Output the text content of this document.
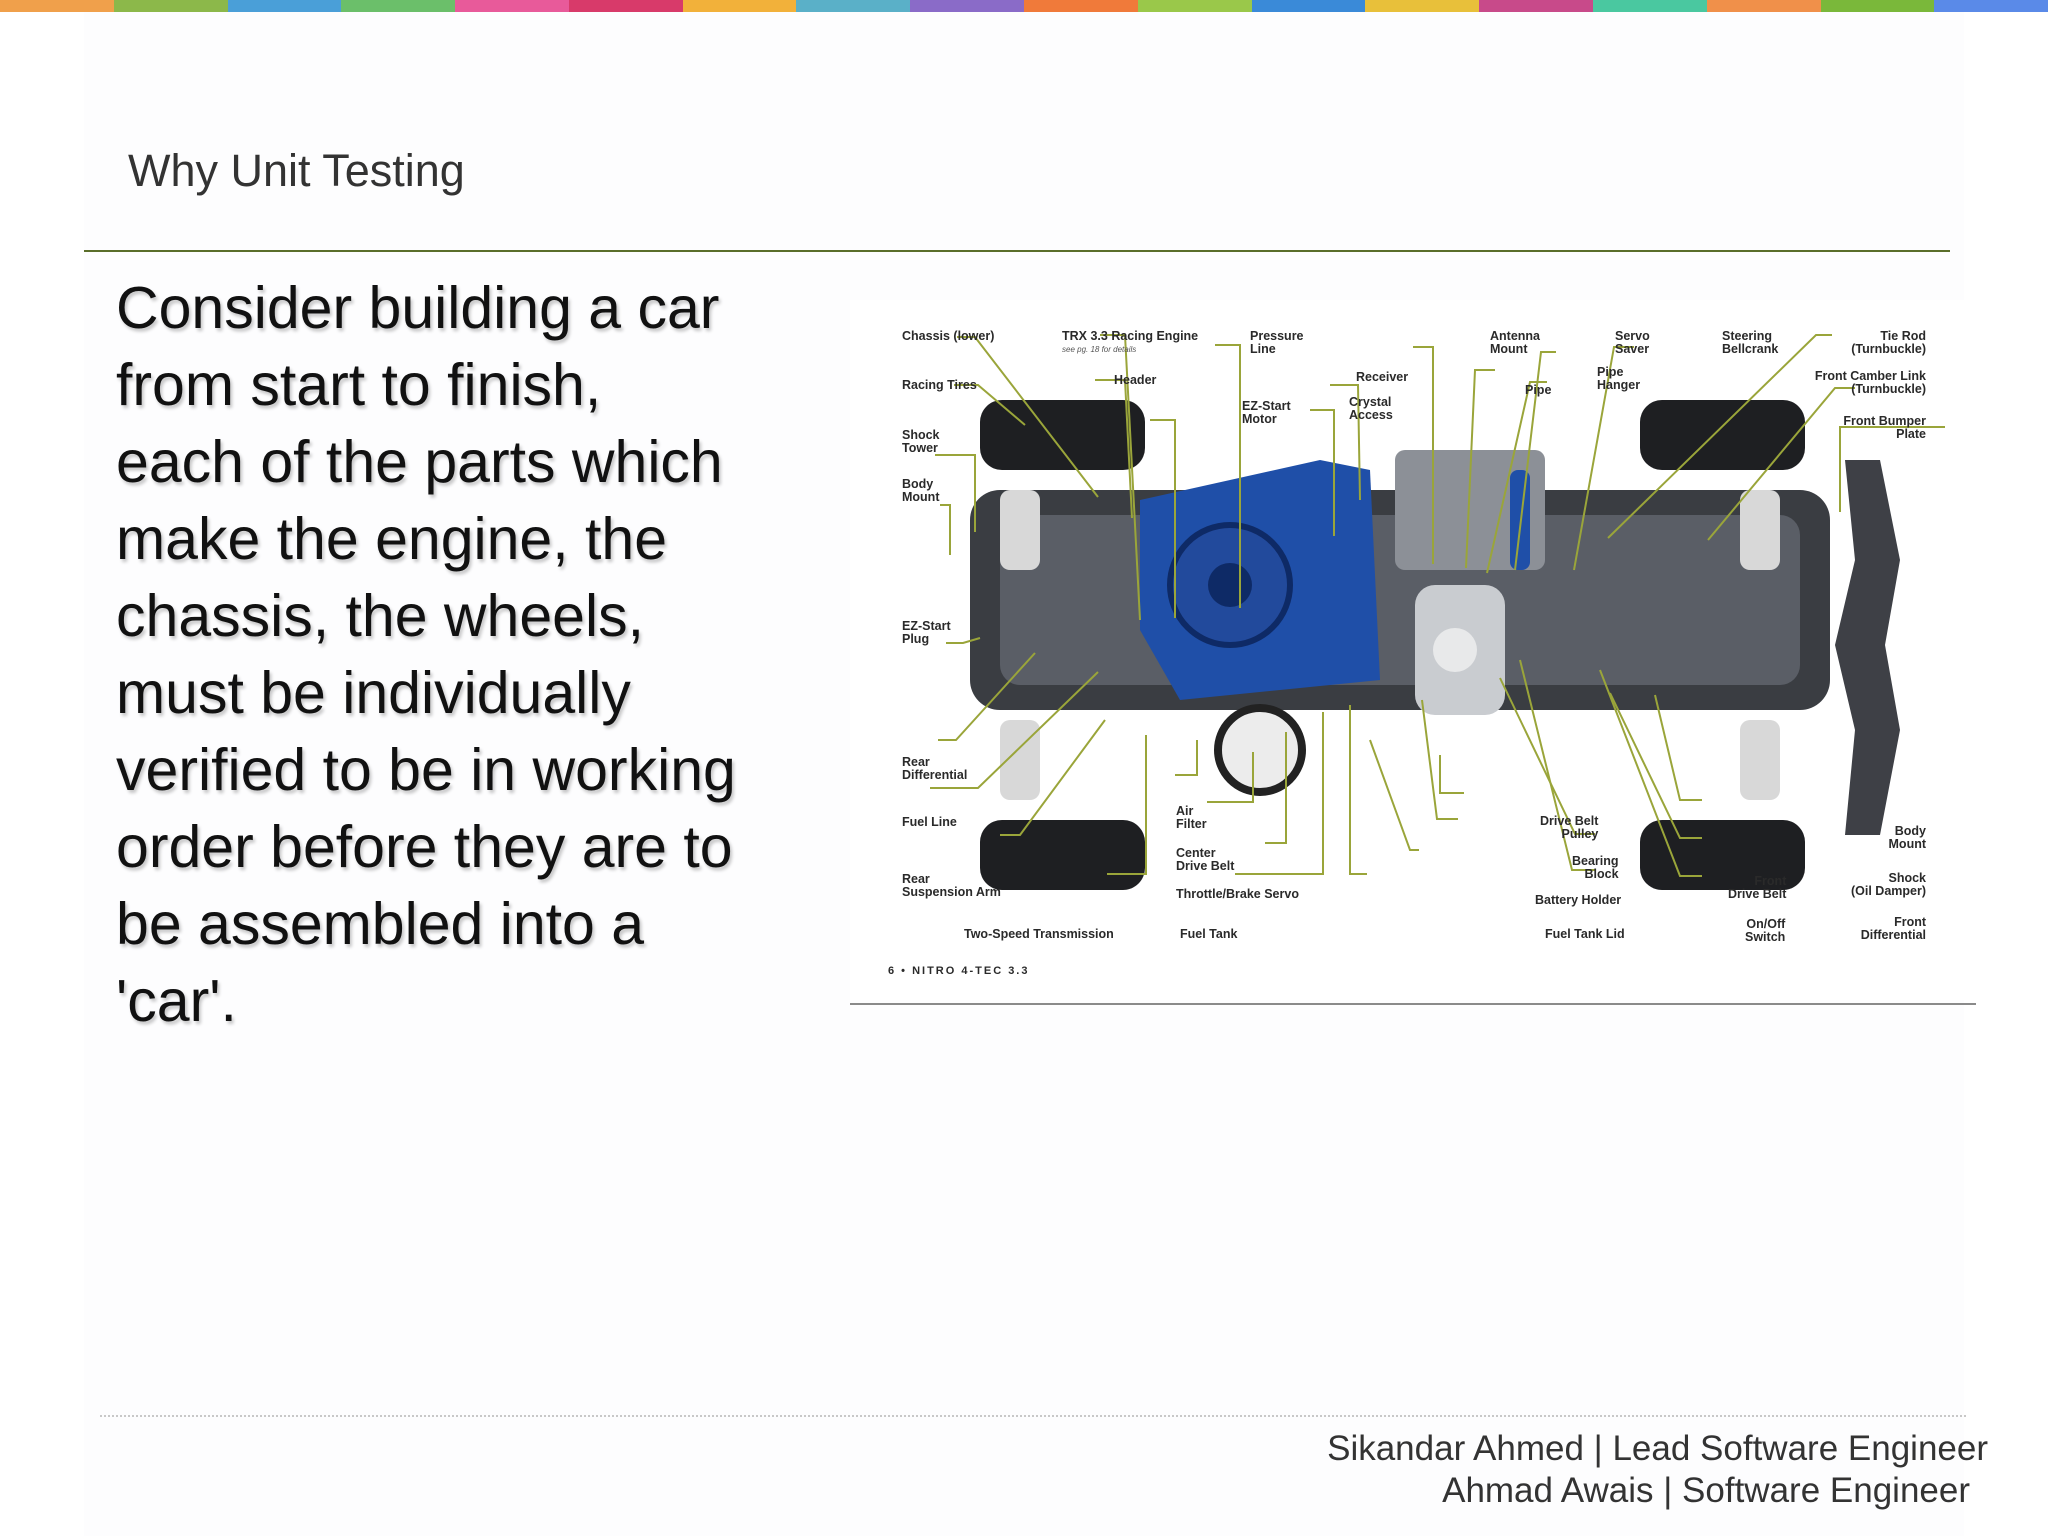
Why Unit Testing
Consider building a car
from start to finish,
each of the parts which
make the engine, the
chassis, the wheels,
must be individually
verified to be in working
order before they are to
be assembled into a
'car'.
Chassis (lower)	TRX 3.3 Racing Engine
see pg. 18 for details
Pressure
Line
Antenna
Mount
Servo
Saver
Steering
Bellcrank
Tie Rod
(Turnbuckle)
Racing Tires	Header	Receiver
Pipe
Pipe
Hanger
Front Camber Link
(Turnbuckle)
EZ-Start
Motor
Crystal
Access	Front Bumper
Plate
Shock
Tower
Body
Mount
EZ-Start
Plug
Rear
Differential
Fuel Line
Rear
Suspension Arm
Two-Speed Transmission
Air
Filter
Center
Drive Belt
Throttle/Brake Servo
Fuel Tank
Drive Belt
Pulley
Bearing
Block
Battery Holder
Fuel Tank Lid
Front
Drive Belt
On/Off
Switch
Body
Mount
Shock
(Oil Damper)
Front
Differential
6 • NITRO 4-TEC 3.3
Sikandar Ahmed | Lead Software Engineer
Ahmad Awais | Software Engineer
